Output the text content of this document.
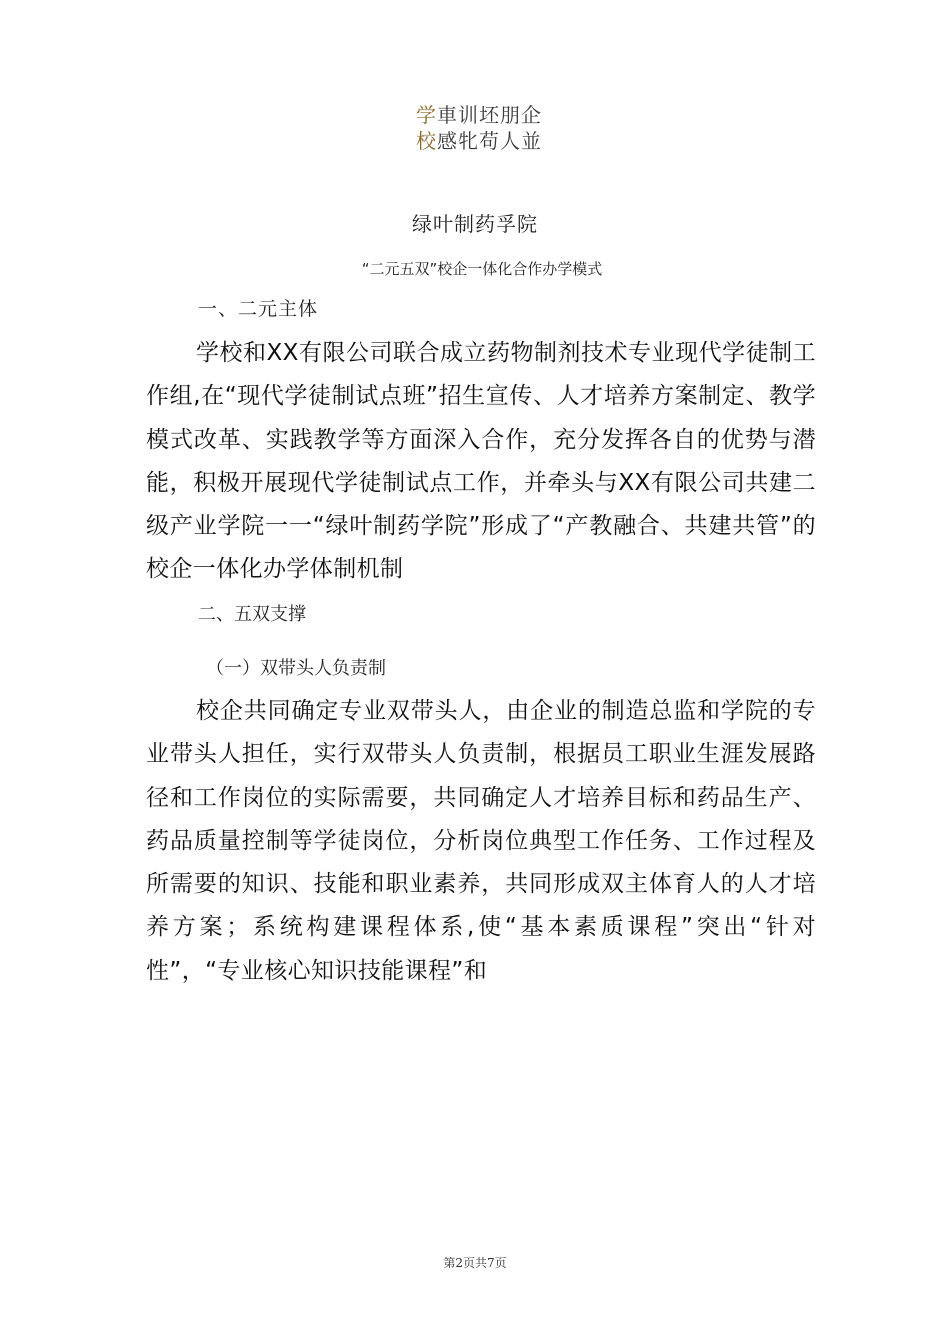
学車训坯朋企
校感牝苟人並
绿叶制药孚院
“二元五双”校企一体化合作办学模式
一、二元主体
学校和XX有限公司联合成立药物制剂技术专业现代学徒制工作组,在“现代学徒制试点班”招生宣传、人才培养方案制定、教学模式改革、实践教学等方面深入合作，充分发挥各自的优势与潜能，积极开展现代学徒制试点工作，并牵头与XX有限公司共建二级产业学院一一“绿叶制药学院”形成了“产教融合、共建共管”的校企一体化办学体制机制
二、五双支撑
（一）双带头人负责制
校企共同确定专业双带头人，由企业的制造总监和学院的专业带头人担任，实行双带头人负责制，根据员工职业生涯发展路径和工作岗位的实际需要，共同确定人才培养目标和药品生产、药品质量控制等学徒岗位，分析岗位典型工作任务、工作过程及所需要的知识、技能和职业素养，共同形成双主体育人的人才培养方案；系统构建课程体系,使“基本素质课程”突出“针对性”，“专业核心知识技能课程”和
第2页共7页
